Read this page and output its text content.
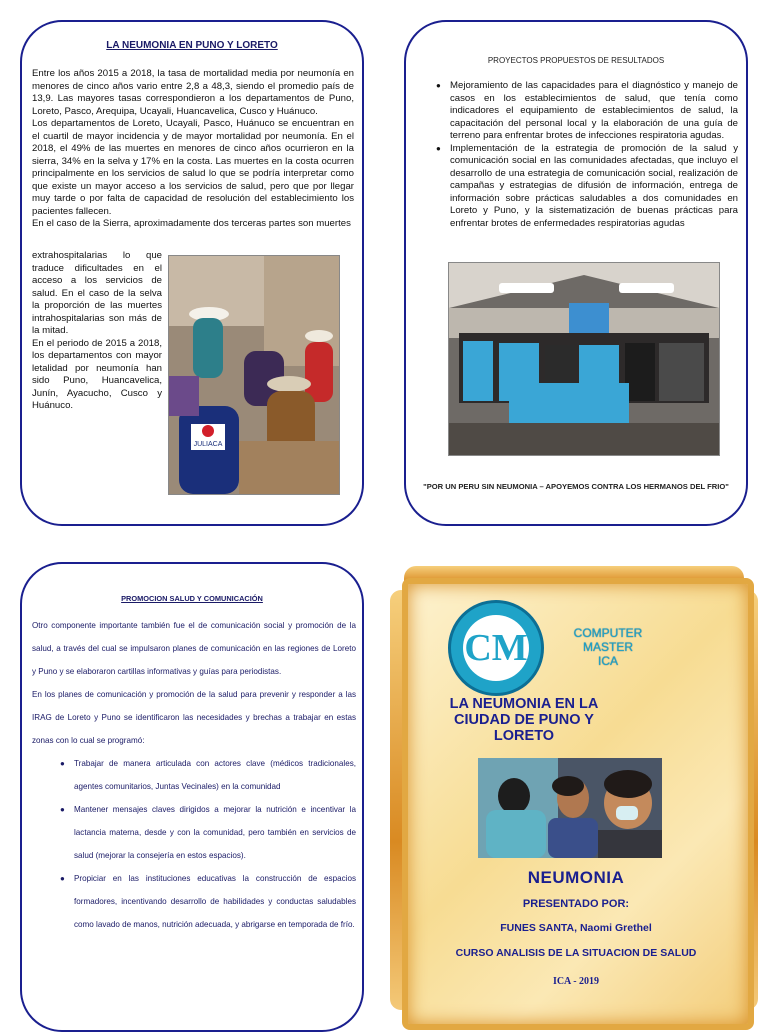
LA NEUMONIA EN PUNO Y LORETO

Entre los años 2015 a 2018, la tasa de mortalidad media por neumonía en menores de cinco años vario entre 2,8 a 48,3, siendo el promedio país de 13,9. Las mayores tasas correspondieron a los departamentos de Puno, Loreto, Pasco, Arequipa, Ucayali, Huancavelica, Cusco y Huánuco.

Los departamentos de Loreto, Ucayali, Pasco, Huánuco se encuentran en el cuartil de mayor incidencia y de mayor mortalidad por neumonía. En el 2018, el 49% de las muertes en menores de cinco años ocurrieron en la sierra, 34% en la selva y 17% en la costa. Las muertes en la costa ocurren principalmente en los servicios de salud lo que se podría interpretar como que existe un mayor acceso a los servicios de salud, pero que por llegar muy tarde o por falta de capacidad de resolución del establecimiento los pacientes fallecen.

En el caso de la Sierra, aproximadamente dos terceras partes son muertes

extrahospitalarias lo que traduce dificultades en el acceso a los servicios de salud. En el caso de la selva la proporción de las muertes intrahospitalarias son más de la mitad.

En el periodo de 2015 a 2018, los departamentos con mayor letalidad por neumonía han sido Puno, Huancavelica, Junín, Ayacucho, Cusco y Huánuco.

JULIACA
PROYECTOS PROPUESTOS DE RESULTADOS
● Mejoramiento de las capacidades para el diagnóstico y manejo de casos en los establecimientos de salud, que tenía como indicadores el equipamiento de establecimientos de salud, la capacitación del personal local y la elaboración de una guía de terreno para enfrentar brotes de infecciones respiratoria agudas.
● Implementación de la estrategia de promoción de la salud y comunicación social en las comunidades afectadas, que incluyo el desarrollo de una estrategia de comunicación social, realización de campañas y estrategias de difusión de información, entrega de información sobre prácticas saludables a dos comunidades en Loreto y Puno, y la sistematización de buenas prácticas para enfrentar brotes de enfermedades respiratorias agudas
"POR UN PERU SIN NEUMONIA – APOYEMOS CONTRA LOS HERMANOS DEL FRIO"
PROMOCION SALUD Y COMUNICACIÓN

Otro componente importante también fue el de comunicación social y promoción de la salud, a través del cual se impulsaron planes de comunicación en las regiones de Loreto y Puno y se elaboraron cartillas informativas y guías para periodistas.

En los planes de comunicación y promoción de la salud para prevenir y responder a las IRAG de Loreto y Puno se identificaron las necesidades y brechas a trabajar en estas zonas con lo cual se programó:

● Trabajar de manera articulada con actores clave (médicos tradicionales, agentes comunitarios, Juntas Vecinales) en la comunidad
● Mantener mensajes claves dirigidos a mejorar la nutrición e incentivar la lactancia materna, desde y con la comunidad, pero también en servicios de salud (mejorar la consejería en estos espacios).
● Propiciar en las instituciones educativas la construcción de espacios formadores, incentivando desarrollo de habilidades y conductas saludables como lavado de manos, nutrición adecuada, y abrigarse en temporada de frío.
CM	COMPUTER MASTER
ICA
LA NEUMONIA EN LA
CIUDAD DE PUNO Y
LORETO
NEUMONIA
PRESENTADO POR:
FUNES SANTA, Naomi Grethel
CURSO ANALISIS DE LA SITUACION DE SALUD
ICA - 2019
